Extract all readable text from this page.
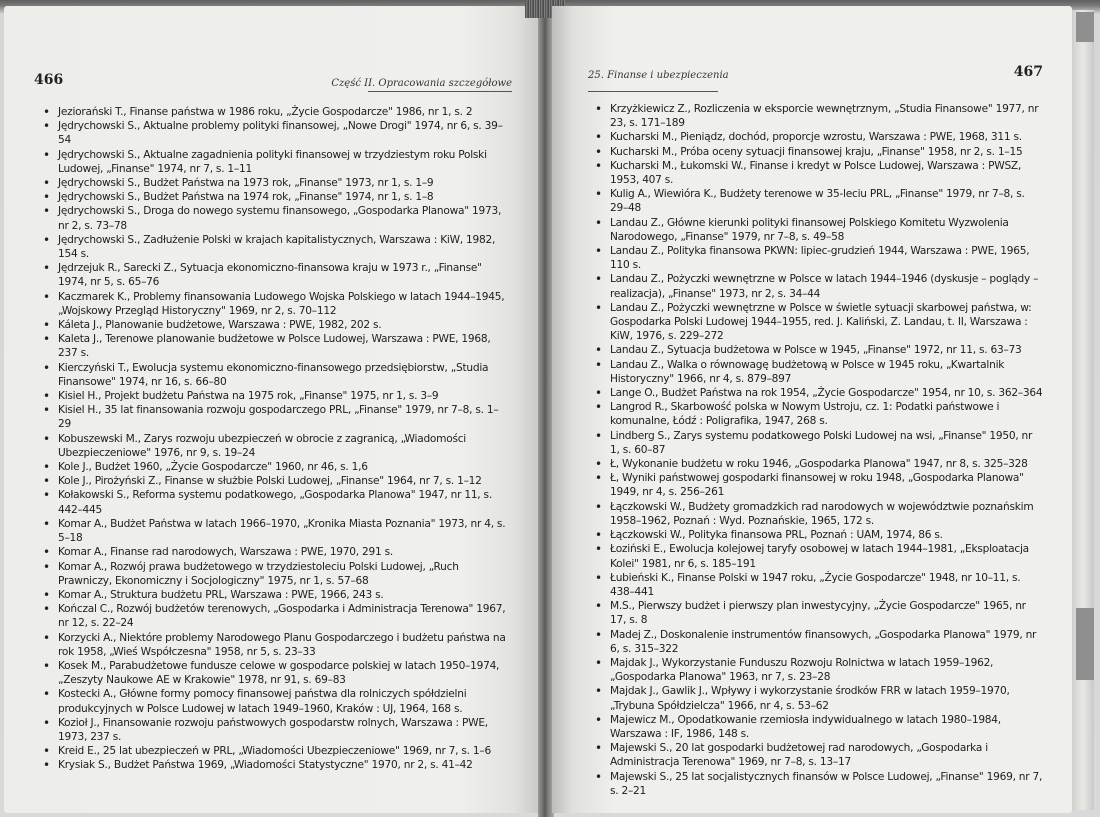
466	Część II. Opracowania szczegółowe
• Jeziorański T., Finanse państwa w 1986 roku, „Życie Gospodarcze" 1986, nr 1, s. 2
• Jędrychowski S., Aktualne problemy polityki finansowej, „Nowe Drogi" 1974, nr 6, s. 39–54
• Jędrychowski S., Aktualne zagadnienia polityki finansowej w trzydziestym roku Polski Ludowej, „Finanse" 1974, nr 7, s. 1–11
• Jędrychowski S., Budżet Państwa na 1973 rok, „Finanse" 1973, nr 1, s. 1–9
• Jędrychowski S., Budżet Państwa na 1974 rok, „Finanse" 1974, nr 1, s. 1–8
• Jędrychowski S., Droga do nowego systemu finansowego, „Gospodarka Planowa" 1973, nr 2, s. 73–78
• Jędrychowski S., Zadłużenie Polski w krajach kapitalistycznych, Warszawa : KiW, 1982, 154 s.
• Jędrzejuk R., Sarecki Z., Sytuacja ekonomiczno-finansowa kraju w 1973 r., „Finanse" 1974, nr 5, s. 65–76
• Kaczmarek K., Problemy finansowania Ludowego Wojska Polskiego w latach 1944–1945, „Wojskowy Przegląd Historyczny" 1969, nr 2, s. 70–112
• Káleta J., Planowanie budżetowe, Warszawa : PWE, 1982, 202 s.
• Kaleta J., Terenowe planowanie budżetowe w Polsce Ludowej, Warszawa : PWE, 1968, 237 s.
• Kierczyński T., Ewolucja systemu ekonomiczno-finansowego przedsiębiorstw, „Studia Finansowe" 1974, nr 16, s. 66–80
• Kisiel H., Projekt budżetu Państwa na 1975 rok, „Finanse" 1975, nr 1, s. 3–9
• Kisiel H., 35 lat finansowania rozwoju gospodarczego PRL, „Finanse" 1979, nr 7–8, s. 1–29
• Kobuszewski M., Zarys rozwoju ubezpieczeń w obrocie z zagranicą, „Wiadomości Ubezpieczeniowe" 1976, nr 9, s. 19–24
• Kole J., Budżet 1960, „Życie Gospodarcze" 1960, nr 46, s. 1,6
• Kole J., Pirożyński Z., Finanse w służbie Polski Ludowej, „Finanse" 1964, nr 7, s. 1–12
• Kołakowski S., Reforma systemu podatkowego, „Gospodarka Planowa" 1947, nr 11, s. 442–445
• Komar A., Budżet Państwa w latach 1966–1970, „Kronika Miasta Poznania" 1973, nr 4, s. 5–18
• Komar A., Finanse rad narodowych, Warszawa : PWE, 1970, 291 s.
• Komar A., Rozwój prawa budżetowego w trzydziestoleciu Polski Ludowej, „Ruch Prawniczy, Ekonomiczny i Socjologiczny" 1975, nr 1, s. 57–68
• Komar A., Struktura budżetu PRL, Warszawa : PWE, 1966, 243 s.
• Kończal C., Rozwój budżetów terenowych, „Gospodarka i Administracja Terenowa" 1967, nr 12, s. 22–24
• Korzycki A., Niektóre problemy Narodowego Planu Gospodarczego i budżetu państwa na rok 1958, „Wieś Współczesna" 1958, nr 5, s. 23–33
• Kosek M., Parabudżetowe fundusze celowe w gospodarce polskiej w latach 1950–1974, „Zeszyty Naukowe AE w Krakowie" 1978, nr 91, s. 69–83
• Kostecki A., Główne formy pomocy finansowej państwa dla rolniczych spółdzielni produkcyjnych w Polsce Ludowej w latach 1949–1960, Kraków : UJ, 1964, 168 s.
• Kozioł J., Finansowanie rozwoju państwowych gospodarstw rolnych, Warszawa : PWE, 1973, 237 s.
• Kreid E., 25 lat ubezpieczeń w PRL, „Wiadomości Ubezpieczeniowe" 1969, nr 7, s. 1–6
• Krysiak S., Budżet Państwa 1969, „Wiadomości Statystyczne" 1970, nr 2, s. 41–42
25. Finanse i ubezpieczenia	467
• Krzyżkiewicz Z., Rozliczenia w eksporcie wewnętrznym, „Studia Finansowe" 1977, nr 23, s. 171–189
• Kucharski M., Pieniądz, dochód, proporcje wzrostu, Warszawa : PWE, 1968, 311 s.
• Kucharski M., Próba oceny sytuacji finansowej kraju, „Finanse" 1958, nr 2, s. 1–15
• Kucharski M., Łukomski W., Finanse i kredyt w Polsce Ludowej, Warszawa : PWSZ, 1953, 407 s.
• Kulig A., Wiewióra K., Budżety terenowe w 35-leciu PRL, „Finanse" 1979, nr 7–8, s. 29–48
• Landau Z., Główne kierunki polityki finansowej Polskiego Komitetu Wyzwolenia Narodowego, „Finanse" 1979, nr 7–8, s. 49–58
• Landau Z., Polityka finansowa PKWN: lipiec-grudzień 1944, Warszawa : PWE, 1965, 110 s.
• Landau Z., Pożyczki wewnętrzne w Polsce w latach 1944–1946 (dyskusje – poglądy – realizacja), „Finanse" 1973, nr 2, s. 34–44
• Landau Z., Pożyczki wewnętrzne w Polsce w świetle sytuacji skarbowej państwa, w: Gospodarka Polski Ludowej 1944–1955, red. J. Kaliński, Z. Landau, t. II, Warszawa : KiW, 1976, s. 229–272
• Landau Z., Sytuacja budżetowa w Polsce w 1945, „Finanse" 1972, nr 11, s. 63–73
• Landau Z., Walka o równowagę budżetową w Polsce w 1945 roku, „Kwartalnik Historyczny" 1966, nr 4, s. 879–897
• Lange O., Budżet Państwa na rok 1954, „Życie Gospodarcze" 1954, nr 10, s. 362–364
• Langrod R., Skarbowość polska w Nowym Ustroju, cz. 1: Podatki państwowe i komunalne, Łódź : Poligrafika, 1947, 268 s.
• Lindberg S., Zarys systemu podatkowego Polski Ludowej na wsi, „Finanse" 1950, nr 1, s. 60–87
• Ł, Wykonanie budżetu w roku 1946, „Gospodarka Planowa" 1947, nr 8, s. 325–328
• Ł, Wyniki państwowej gospodarki finansowej w roku 1948, „Gospodarka Planowa" 1949, nr 4, s. 256–261
• Łączkowski W., Budżety gromadzkich rad narodowych w województwie poznańskim 1958–1962, Poznań : Wyd. Poznańskie, 1965, 172 s.
• Łączkowski W., Polityka finansowa PRL, Poznań : UAM, 1974, 86 s.
• Łoziński E., Ewolucja kolejowej taryfy osobowej w latach 1944–1981, „Eksploatacja Kolei" 1981, nr 6, s. 185–191
• Łubieński K., Finanse Polski w 1947 roku, „Życie Gospodarcze" 1948, nr 10–11, s. 438–441
• M.S., Pierwszy budżet i pierwszy plan inwestycyjny, „Życie Gospodarcze" 1965, nr 17, s. 8
• Madej Z., Doskonalenie instrumentów finansowych, „Gospodarka Planowa" 1979, nr 6, s. 315–322
• Majdak J., Wykorzystanie Funduszu Rozwoju Rolnictwa w latach 1959–1962, „Gospodarka Planowa" 1963, nr 7, s. 23–28
• Majdak J., Gawlik J., Wpływy i wykorzystanie środków FRR w latach 1959–1970, „Trybuna Spółdzielcza" 1966, nr 4, s. 53–62
• Majewicz M., Opodatkowanie rzemiosła indywidualnego w latach 1980–1984, Warszawa : IF, 1986, 148 s.
• Majewski S., 20 lat gospodarki budżetowej rad narodowych, „Gospodarka i Administracja Terenowa" 1969, nr 7–8, s. 13–17
• Majewski S., 25 lat socjalistycznych finansów w Polsce Ludowej, „Finanse" 1969, nr 7, s. 2–21
